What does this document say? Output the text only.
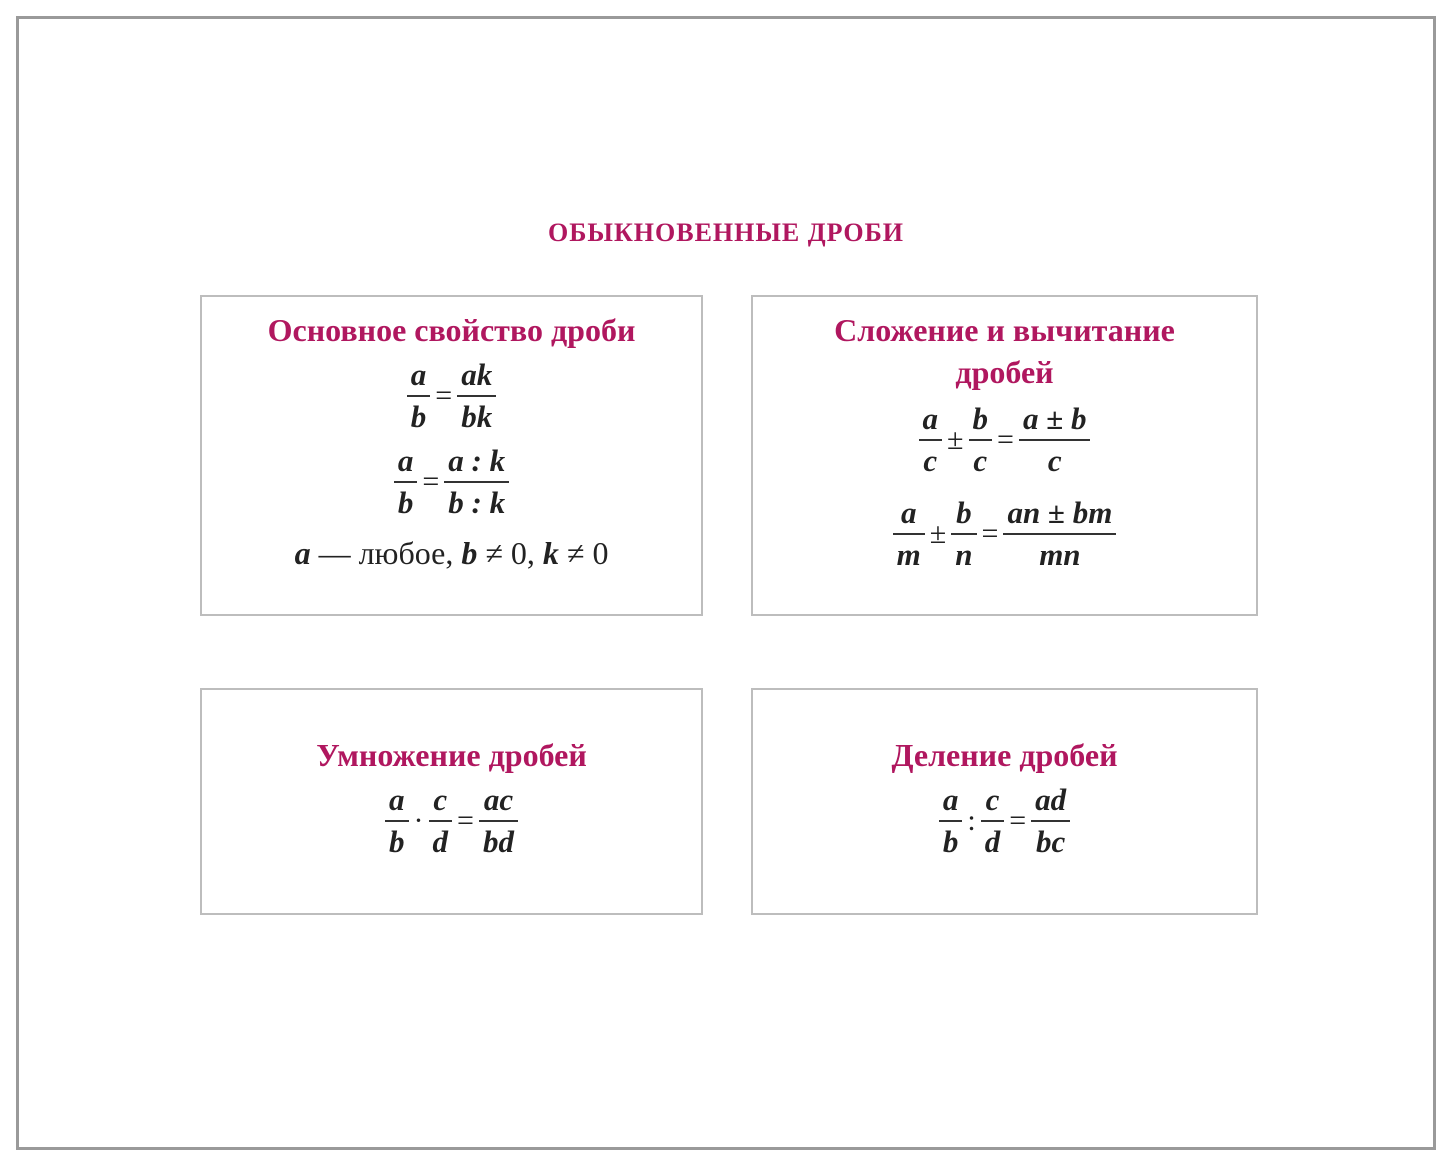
ОБЫКНОВЕННЫЕ ДРОБИ
Основное свойство дроби
$\frac{a}{b} = \frac{ak}{bk}$
$\frac{a}{b} = \frac{a : k}{b : k}$
a — любое, b ≠ 0, k ≠ 0
Сложение и вычитание дробей
$\frac{a}{c} \pm \frac{b}{c} = \frac{a \pm b}{c}$
$\frac{a}{m} \pm \frac{b}{n} = \frac{an \pm bm}{mn}$
Умножение дробей
$\frac{a}{b} \cdot \frac{c}{d} = \frac{ac}{bd}$
Деление дробей
$\frac{a}{b}$ : $\frac{c}{d} = \frac{ad}{bc}$
